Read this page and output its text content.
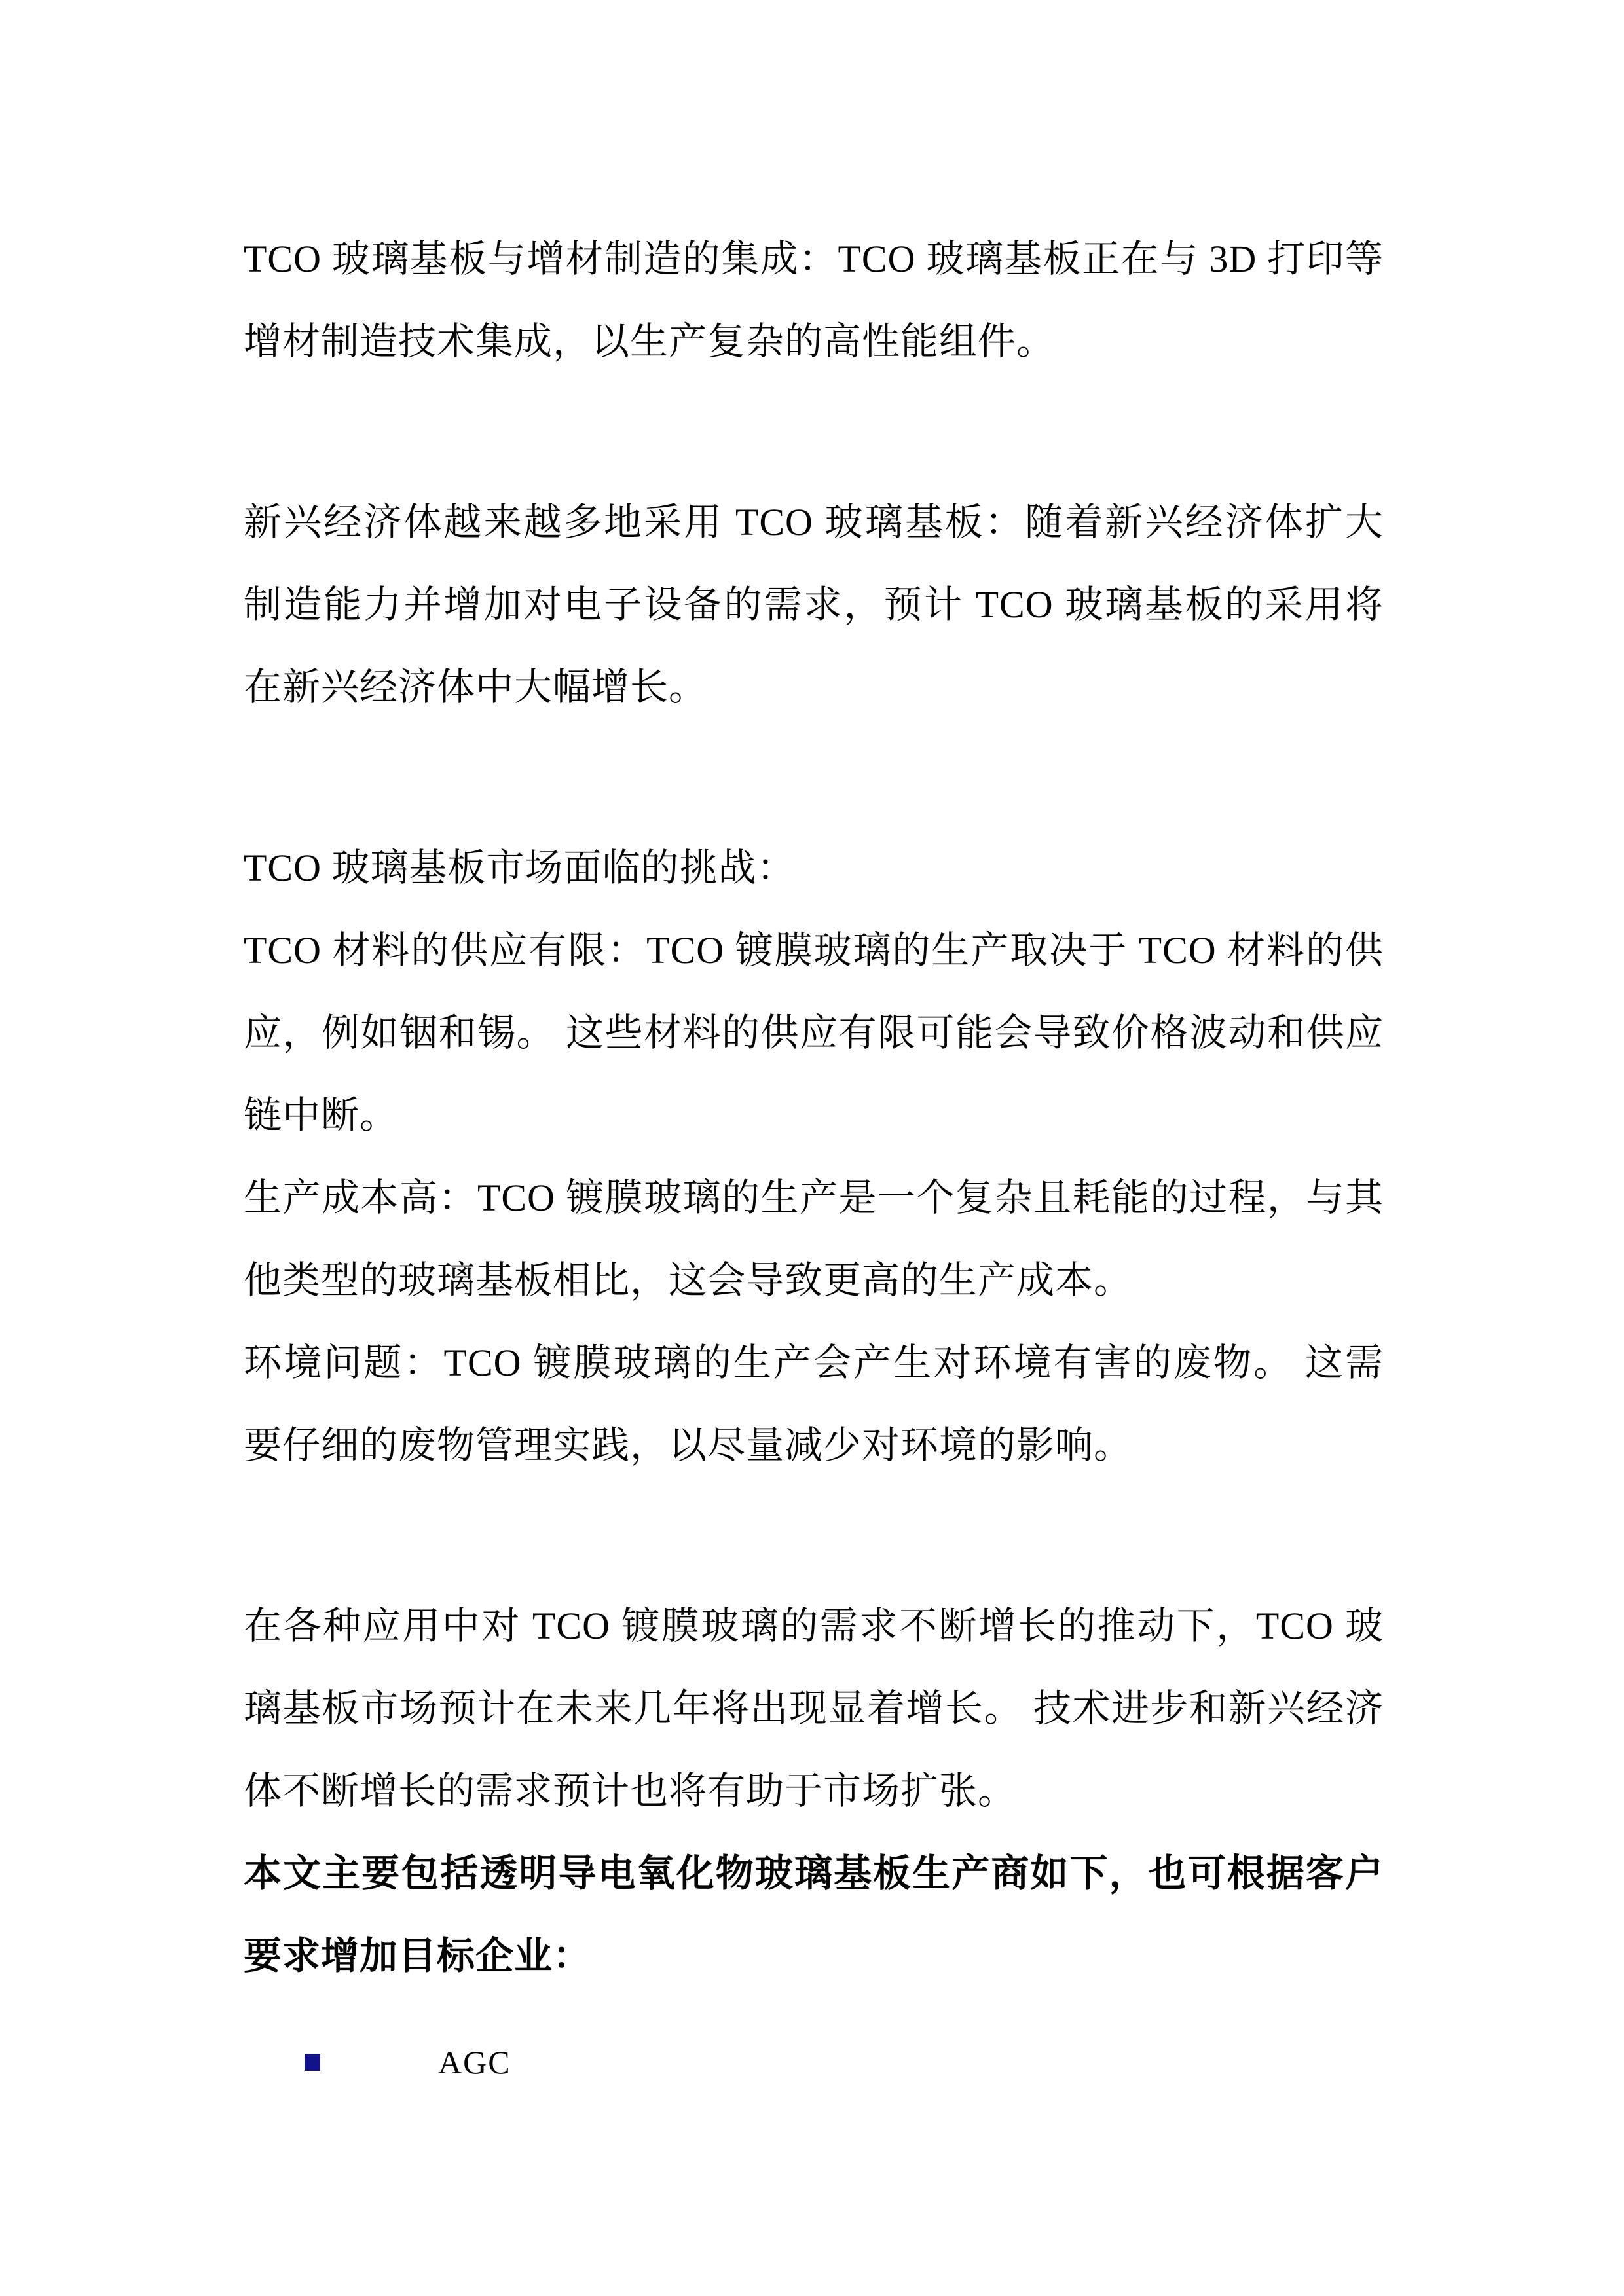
TCO 玻璃基板与增材制造的集成：TCO 玻璃基板正在与 3D 打印等增材制造技术集成，以生产复杂的高性能组件。

新兴经济体越来越多地采用 TCO 玻璃基板：随着新兴经济体扩大制造能力并增加对电子设备的需求，预计 TCO 玻璃基板的采用将在新兴经济体中大幅增长。

TCO 玻璃基板市场面临的挑战：

TCO 材料的供应有限：TCO 镀膜玻璃的生产取决于 TCO 材料的供应，例如铟和锡。 这些材料的供应有限可能会导致价格波动和供应链中断。

生产成本高：TCO 镀膜玻璃的生产是一个复杂且耗能的过程，与其他类型的玻璃基板相比，这会导致更高的生产成本。

环境问题：TCO 镀膜玻璃的生产会产生对环境有害的废物。 这需要仔细的废物管理实践，以尽量减少对环境的影响。

在各种应用中对 TCO 镀膜玻璃的需求不断增长的推动下，TCO 玻璃基板市场预计在未来几年将出现显着增长。 技术进步和新兴经济体不断增长的需求预计也将有助于市场扩张。

本文主要包括透明导电氧化物玻璃基板生产商如下，也可根据客户要求增加目标企业：

AGC
